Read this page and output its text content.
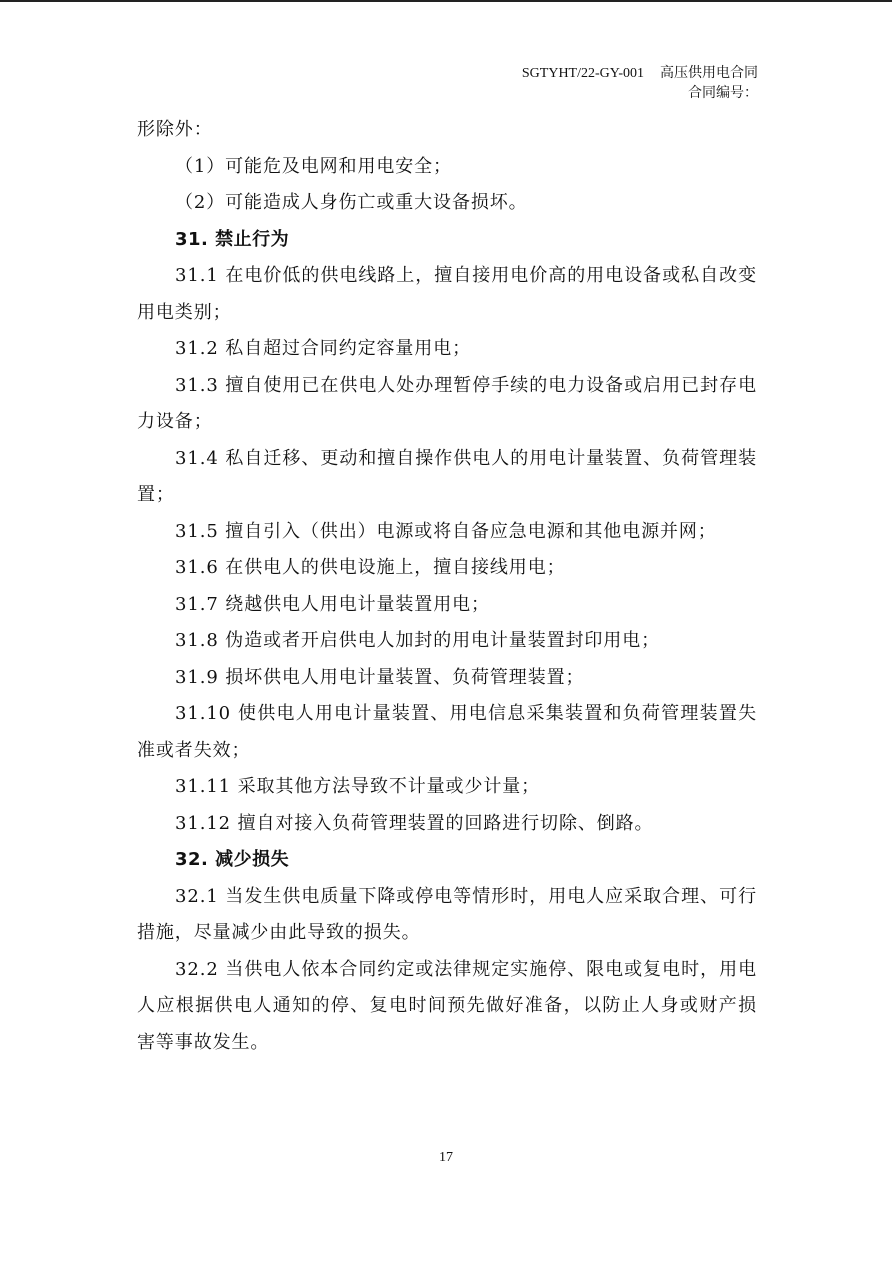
SGTYHT/22-GY-001 高压供用电合同
合同编号：

形除外：

（1）可能危及电网和用电安全；

（2）可能造成人身伤亡或重大设备损坏。

31. 禁止行为

31.1 在电价低的供电线路上，擅自接用电价高的用电设备或私自改变用电类别；

31.2 私自超过合同约定容量用电；

31.3 擅自使用已在供电人处办理暂停手续的电力设备或启用已封存电力设备；

31.4 私自迁移、更动和擅自操作供电人的用电计量装置、负荷管理装置；

31.5 擅自引入（供出）电源或将自备应急电源和其他电源并网；

31.6 在供电人的供电设施上，擅自接线用电；

31.7 绕越供电人用电计量装置用电；

31.8 伪造或者开启供电人加封的用电计量装置封印用电；

31.9 损坏供电人用电计量装置、负荷管理装置；

31.10 使供电人用电计量装置、用电信息采集装置和负荷管理装置失准或者失效；

31.11 采取其他方法导致不计量或少计量；

31.12 擅自对接入负荷管理装置的回路进行切除、倒路。

32. 减少损失

32.1 当发生供电质量下降或停电等情形时，用电人应采取合理、可行措施，尽量减少由此导致的损失。

32.2 当供电人依本合同约定或法律规定实施停、限电或复电时，用电人应根据供电人通知的停、复电时间预先做好准备，以防止人身或财产损害等事故发生。

17
